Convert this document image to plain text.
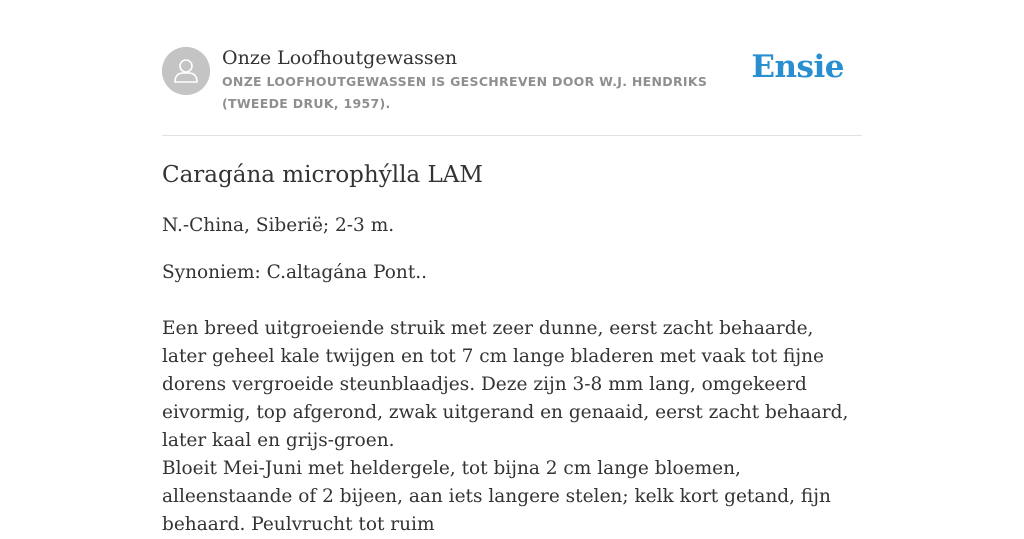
Onze Loofhoutgewassen
ONZE LOOFHOUTGEWASSEN IS GESCHREVEN DOOR W.J. HENDRIKS (TWEEDE DRUK, 1957).
Ensie
Caragána microphýlla LAM

N.-China, Siberië; 2-3 m.

Synoniem: C.altagána Pont..

Een breed uitgroeiende struik met zeer dunne, eerst zacht behaarde, later geheel kale twijgen en tot 7 cm lange bladeren met vaak tot fijne dorens vergroeide steunblaadjes. Deze zijn 3-8 mm lang, omgekeerd eivormig, top afgerond, zwak uitgerand en genaaid, eerst zacht behaard, later kaal en grijs-groen.

Bloeit Mei-Juni met heldergele, tot bijna 2 cm lange bloemen, alleenstaande of 2 bijeen, aan iets langere stelen; kelk kort getand, fijn behaard. Peulvrucht tot ruim
